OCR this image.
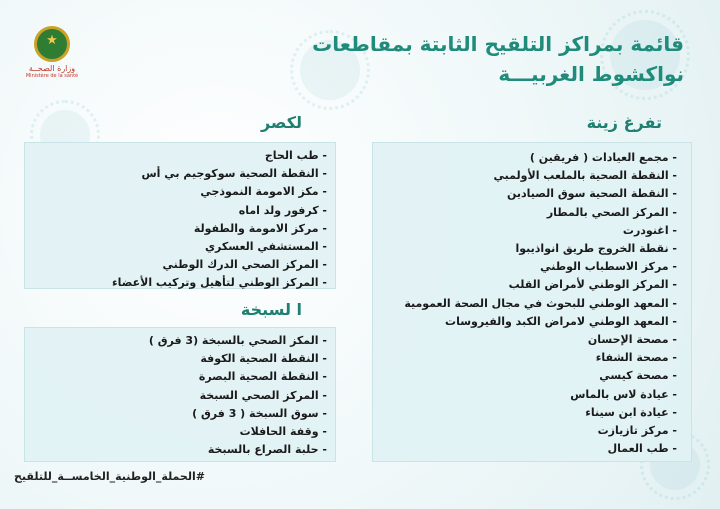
★
وزارة الصحــة
Ministère de la santé
قائمة بمراكز التلقيح الثابتة بمقاطعات
نواكشوط الغربيـــة
تفرغ زينة
لكصر
ا لسبخة
- مجمع العيادات ( فريقين )
- النقطة الصحية بالملعب الأولمبي
- النقطة الصحية سوق الصيادين
- المركز الصحي بالمطار
- اغنودرت
- نقطة الخروج طريق انواذيبوا
- مركز الاسطباب الوطني
- المركز الوطني لأمراض القلب
- المعهد الوطني للبحوث في مجال الصحة العمومية
- المعهد الوطني لامراض الكبد والفيروسات
- مصحة الإحسان
- مصحة الشفاء
- مصحة كيسي
- عيادة لاس بالماس
- عيادة ابن سيناء
- مركز تازيازت
- طب العمال
- طب الحاج
- النقطة الصحية سوكوجيم بي أس
- مكز الامومة النموذجي
- كرفور ولد اماه
- مركز الامومة والطفولة
- المستشفي العسكري
- المركز الصحي الدرك الوطني
- المركز الوطني لتأهيل وتركيب الأعضاء
- المكز الصحي بالسبخة (3 فرق )
- النقطة الصحية الكوفة
- النقطة الصحية البصرة
- المركز الصحي السبخة
- سوق السبخة ( 3 فرق )
- وقفة الحافلات
- حلبة الصراع بالسبخة
#الحملة_الوطنية_الخامســة_للتلقيح
